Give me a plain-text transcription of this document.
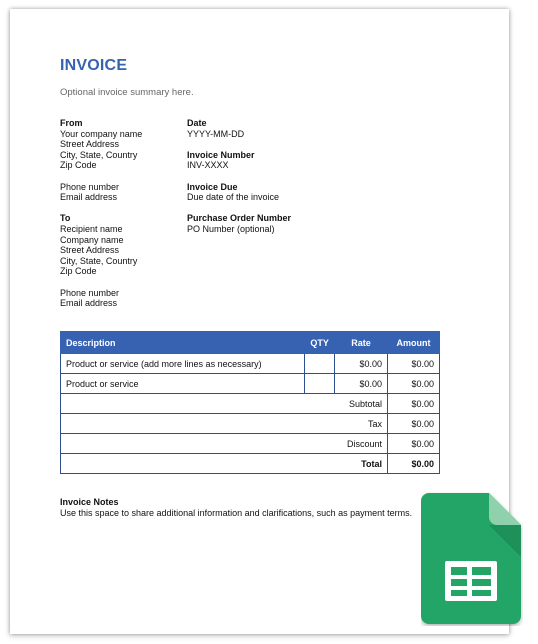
INVOICE
Optional invoice summary here.
From
Your company name
Street Address
City, State, Country
Zip Code
Phone number
Email address
To
Recipient name
Company name
Street Address
City, State, Country
Zip Code
Phone number
Email address
Date
YYYY-MM-DD
Invoice Number
INV-XXXX
Invoice Due
Due date of the invoice
Purchase Order Number
PO Number (optional)
Description	QTY	Rate	Amount
Product or service (add more lines as necessary)		$0.00	$0.00
Product or service		$0.00	$0.00
Subtotal			$0.00
Tax			$0.00
Discount			$0.00
Total			$0.00
Invoice Notes
Use this space to share additional information and clarifications, such as payment terms.
